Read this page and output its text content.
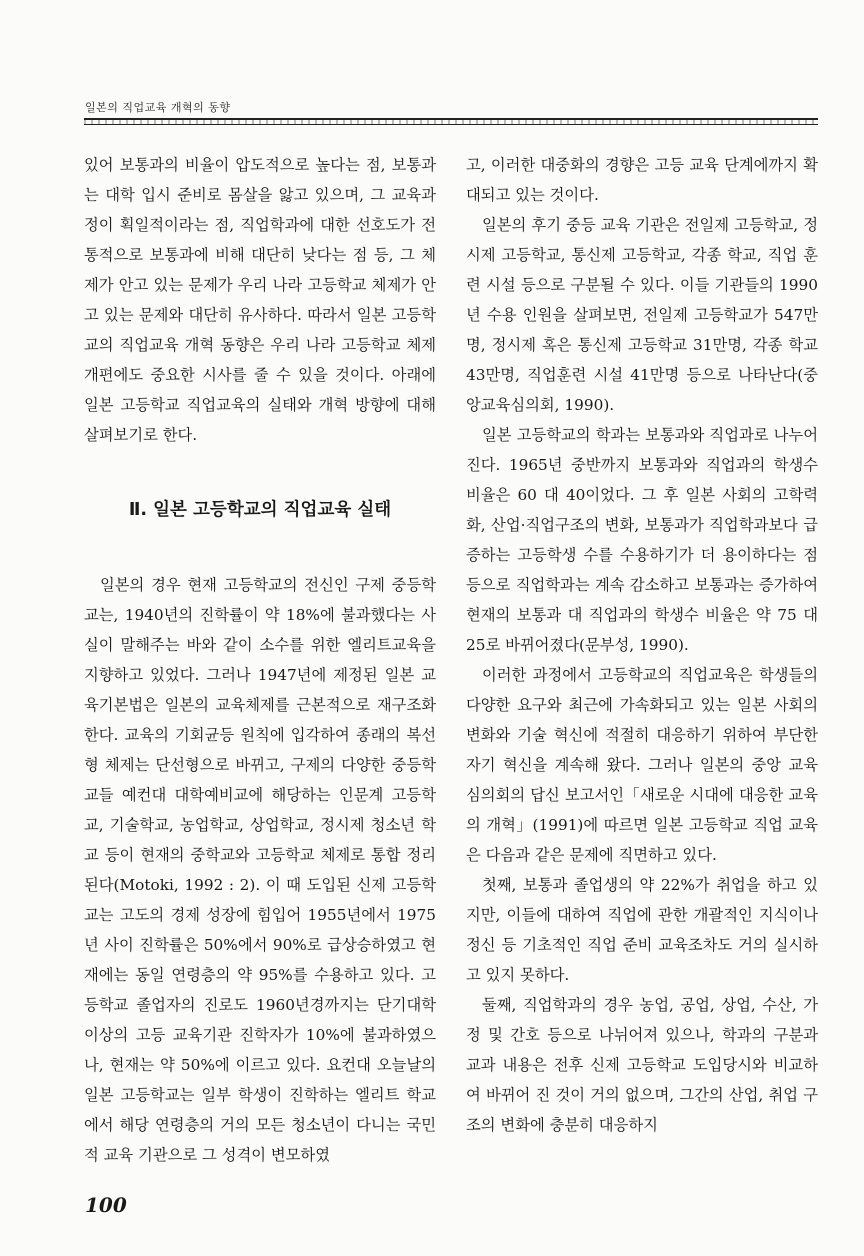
일본의 직업교육 개혁의 동향

있어 보통과의 비율이 압도적으로 높다는 점, 보통과는 대학 입시 준비로 몸살을 앓고 있으며, 그 교육과정이 획일적이라는 점, 직업학과에 대한 선호도가 전통적으로 보통과에 비해 대단히 낮다는 점 등, 그 체제가 안고 있는 문제가 우리 나라 고등학교 체제가 안고 있는 문제와 대단히 유사하다. 따라서 일본 고등학교의 직업교육 개혁 동향은 우리 나라 고등학교 체제 개편에도 중요한 시사를 줄 수 있을 것이다. 아래에 일본 고등학교 직업교육의 실태와 개혁 방향에 대해 살펴보기로 한다.

Ⅱ. 일본 고등학교의 직업교육 실태

일본의 경우 현재 고등학교의 전신인 구제 중등학교는, 1940년의 진학률이 약 18%에 불과했다는 사실이 말해주는 바와 같이 소수를 위한 엘리트교육을 지향하고 있었다. 그러나 1947년에 제정된 일본 교육기본법은 일본의 교육체제를 근본적으로 재구조화 한다. 교육의 기회균등 원칙에 입각하여 종래의 복선형 체제는 단선형으로 바뀌고, 구제의 다양한 중등학교들 예컨대 대학예비교에 해당하는 인문계 고등학교, 기술학교, 농업학교, 상업학교, 정시제 청소년 학교 등이 현재의 중학교와 고등학교 체제로 통합 정리된다(Motoki, 1992 : 2). 이 때 도입된 신제 고등학교는 고도의 경제 성장에 힘입어 1955년에서 1975년 사이 진학률은 50%에서 90%로 급상승하였고 현재에는 동일 연령층의 약 95%를 수용하고 있다. 고등학교 졸업자의 진로도 1960년경까지는 단기대학 이상의 고등 교육기관 진학자가 10%에 불과하였으나, 현재는 약 50%에 이르고 있다. 요컨대 오늘날의 일본 고등학교는 일부 학생이 진학하는 엘리트 학교에서 해당 연령층의 거의 모든 청소년이 다니는 국민적 교육 기관으로 그 성격이 변모하였

고, 이러한 대중화의 경향은 고등 교육 단계에까지 확대되고 있는 것이다.

일본의 후기 중등 교육 기관은 전일제 고등학교, 정시제 고등학교, 통신제 고등학교, 각종 학교, 직업 훈련 시설 등으로 구분될 수 있다. 이들 기관들의 1990년 수용 인원을 살펴보면, 전일제 고등학교가 547만명, 정시제 혹은 통신제 고등학교 31만명, 각종 학교 43만명, 직업훈련 시설 41만명 등으로 나타난다(중앙교육심의회, 1990).

일본 고등학교의 학과는 보통과와 직업과로 나누어진다. 1965년 중반까지 보통과와 직업과의 학생수 비율은 60 대 40이었다. 그 후 일본 사회의 고학력화, 산업·직업구조의 변화, 보통과가 직업학과보다 급증하는 고등학생 수를 수용하기가 더 용이하다는 점 등으로 직업학과는 계속 감소하고 보통과는 증가하여 현재의 보통과 대 직업과의 학생수 비율은 약 75 대 25로 바뀌어졌다(문부성, 1990).

이러한 과정에서 고등학교의 직업교육은 학생들의 다양한 요구와 최근에 가속화되고 있는 일본 사회의 변화와 기술 혁신에 적절히 대응하기 위하여 부단한 자기 혁신을 계속해 왔다. 그러나 일본의 중앙 교육 심의회의 답신 보고서인「새로운 시대에 대응한 교육의 개혁」(1991)에 따르면 일본 고등학교 직업 교육은 다음과 같은 문제에 직면하고 있다.

첫째, 보통과 졸업생의 약 22%가 취업을 하고 있지만, 이들에 대하여 직업에 관한 개괄적인 지식이나 정신 등 기초적인 직업 준비 교육조차도 거의 실시하고 있지 못하다.

둘째, 직업학과의 경우 농업, 공업, 상업, 수산, 가정 및 간호 등으로 나뉘어져 있으나, 학과의 구분과 교과 내용은 전후 신제 고등학교 도입당시와 비교하여 바뀌어 진 것이 거의 없으며, 그간의 산업, 취업 구조의 변화에 충분히 대응하지

100
